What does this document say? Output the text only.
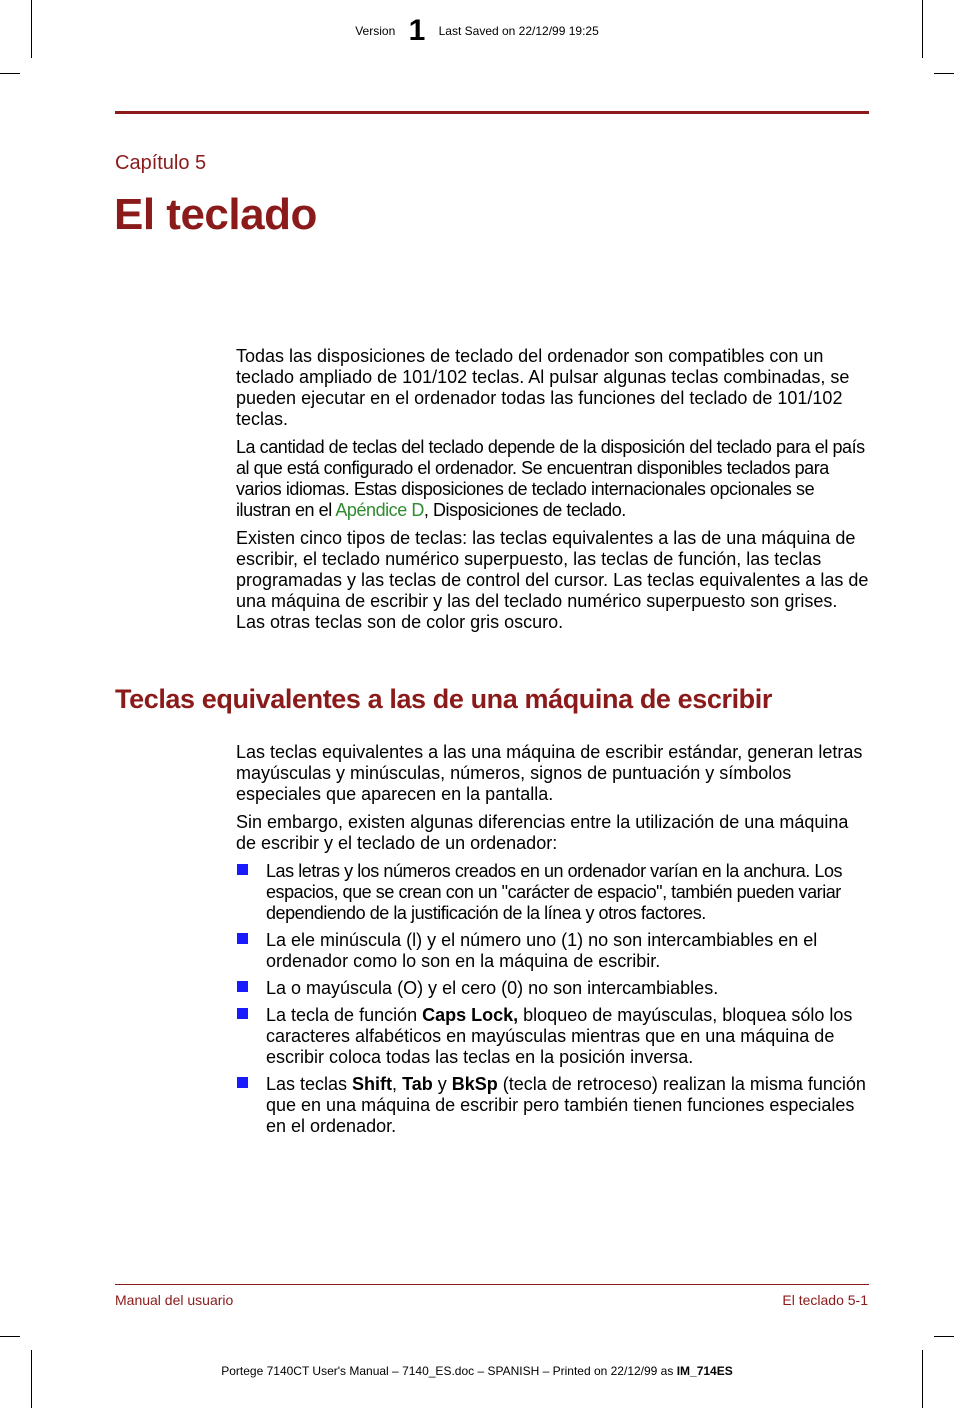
Version 1 Last Saved on 22/12/99 19:25

Capítulo 5

El teclado

Todas las disposiciones de teclado del ordenador son compatibles con un teclado ampliado de 101/102 teclas. Al pulsar algunas teclas combinadas, se pueden ejecutar en el ordenador todas las funciones del teclado de 101/102 teclas.

La cantidad de teclas del teclado depende de la disposición del teclado para el país al que está configurado el ordenador. Se encuentran disponibles teclados para varios idiomas. Estas disposiciones de teclado internacionales opcionales se ilustran en el Apéndice D, Disposiciones de teclado.

Existen cinco tipos de teclas: las teclas equivalentes a las de una máquina de escribir, el teclado numérico superpuesto, las teclas de función, las teclas programadas y las teclas de control del cursor. Las teclas equivalentes a las de una máquina de escribir y las del teclado numérico superpuesto son grises. Las otras teclas son de color gris oscuro.

Teclas equivalentes a las de una máquina de escribir

Las teclas equivalentes a las una máquina de escribir estándar, generan letras mayúsculas y minúsculas, números, signos de puntuación y símbolos especiales que aparecen en la pantalla.

Sin embargo, existen algunas diferencias entre la utilización de una máquina de escribir y el teclado de un ordenador:

Las letras y los números creados en un ordenador varían en la anchura. Los espacios, que se crean con un "carácter de espacio", también pueden variar dependiendo de la justificación de la línea y otros factores.
La ele minúscula (l) y el número uno (1) no son intercambiables en el ordenador como lo son en la máquina de escribir.
La o mayúscula (O) y el cero (0) no son intercambiables.
La tecla de función Caps Lock, bloqueo de mayúsculas, bloquea sólo los caracteres alfabéticos en mayúsculas mientras que en una máquina de escribir coloca todas las teclas en la posición inversa.
Las teclas Shift, Tab y BkSp (tecla de retroceso) realizan la misma función que en una máquina de escribir pero también tienen funciones especiales en el ordenador.
Manual del usuario	El teclado 5-1
Portege 7140CT User's Manual – 7140_ES.doc – SPANISH – Printed on 22/12/99 as IM_714ES
